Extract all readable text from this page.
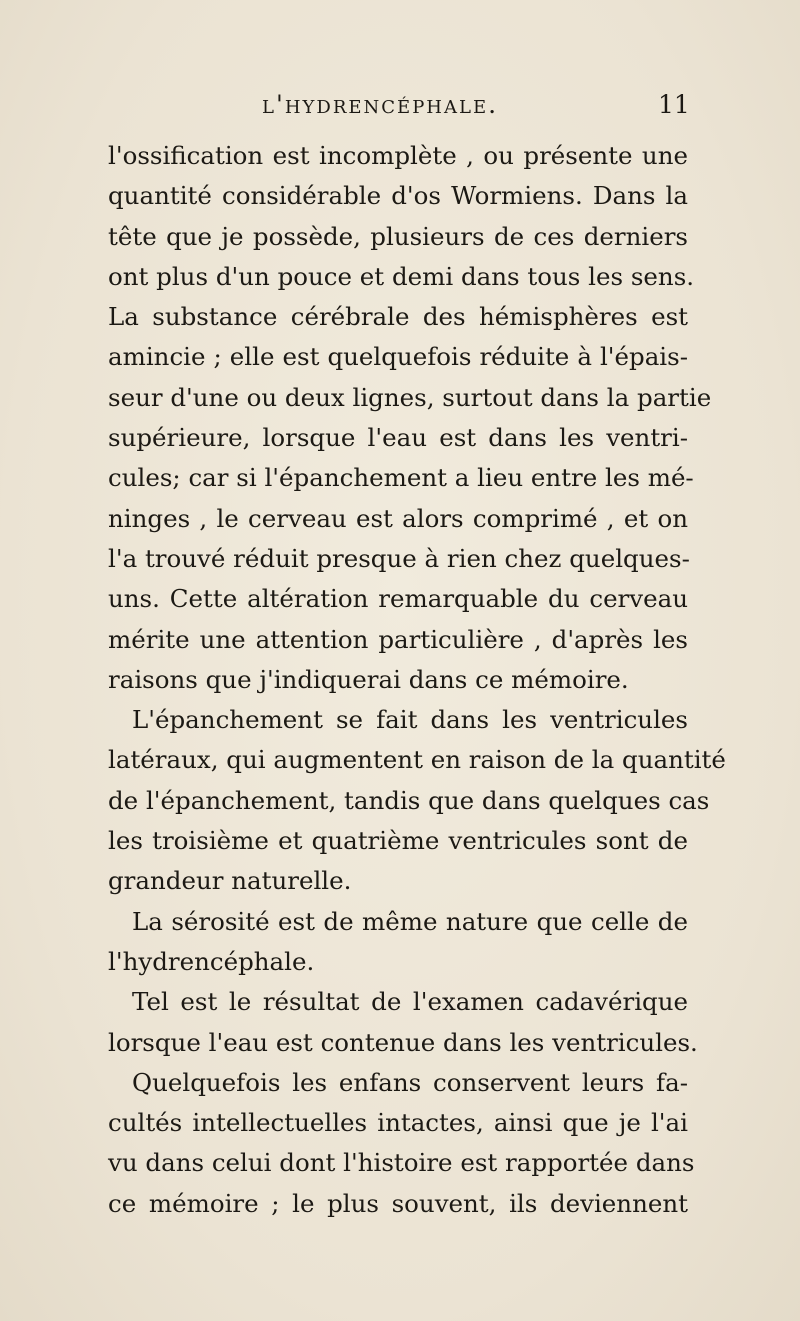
l'hydrencéphale.	11
l'ossification est incomplète , ou présente une
quantité considérable d'os Wormiens. Dans la
tête que je possède, plusieurs de ces derniers
ont plus d'un pouce et demi dans tous les sens.
La substance cérébrale des hémisphères est
amincie ; elle est quelquefois réduite à l'épais-
seur d'une ou deux lignes, surtout dans la partie
supérieure, lorsque l'eau est dans les ventri-
cules; car si l'épanchement a lieu entre les mé-
ninges , le cerveau est alors comprimé , et on
l'a trouvé réduit presque à rien chez quelques-
uns. Cette altération remarquable du cerveau
mérite une attention particulière , d'après les
raisons que j'indiquerai dans ce mémoire.
L'épanchement se fait dans les ventricules
latéraux, qui augmentent en raison de la quantité
de l'épanchement, tandis que dans quelques cas
les troisième et quatrième ventricules sont de
grandeur naturelle.
La sérosité est de même nature que celle de
l'hydrencéphale.
Tel est le résultat de l'examen cadavérique
lorsque l'eau est contenue dans les ventricules.
Quelquefois les enfans conservent leurs fa-
cultés intellectuelles intactes, ainsi que je l'ai
vu dans celui dont l'histoire est rapportée dans
ce mémoire ; le plus souvent, ils deviennent
